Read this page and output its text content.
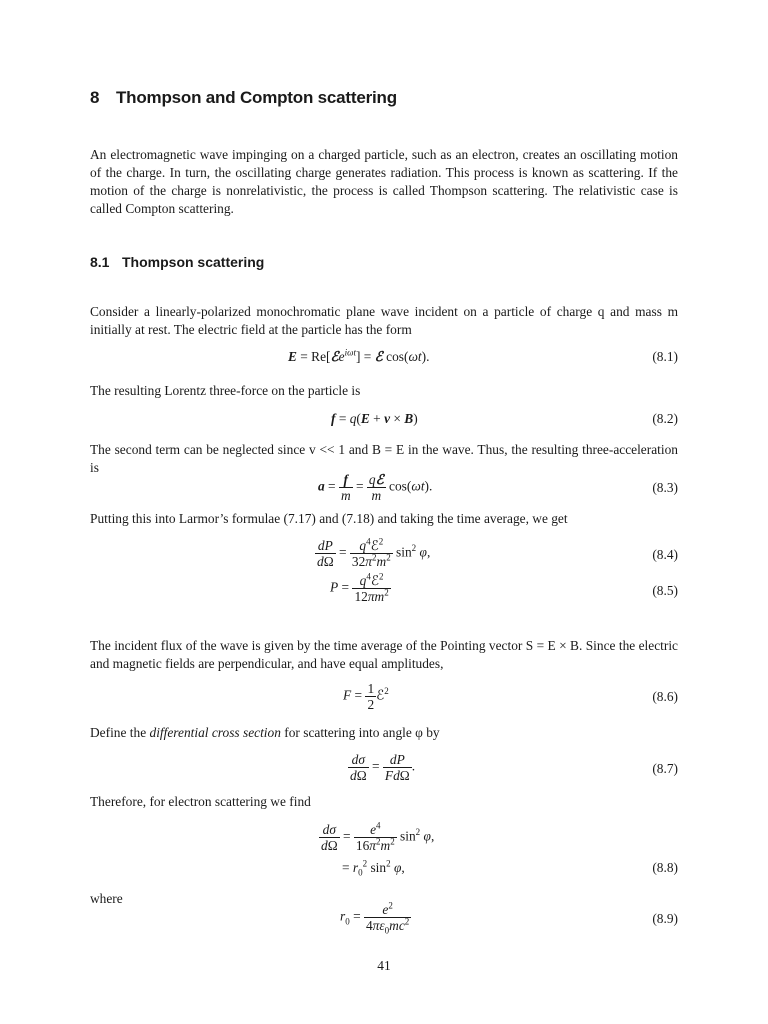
8 Thompson and Compton scattering

An electromagnetic wave impinging on a charged particle, such as an electron, creates an oscillating motion of the charge. In turn, the oscillating charge generates radiation. This process is known as scattering. If the motion of the charge is nonrelativistic, the process is called Thompson scattering. The relativistic case is called Compton scattering.

8.1 Thompson scattering

Consider a linearly-polarized monochromatic plane wave incident on a particle of charge q and mass m initially at rest. The electric field at the particle has the form

E = Re[ℰe$^{i\omega t}$] = ℰ cos(ωt).	(8.1)

The resulting Lorentz three-force on the particle is

f = q(E + v × B)	(8.2)

The second term can be neglected since v << 1 and B = E in the wave. Thus, the resulting three-acceleration is

$a = \frac{f}{m} = \frac{\text{qℰ}}{m} \cos(\omega t)$.	(8.3)

Putting this into Larmor’s formulae (7.17) and (7.18) and taking the time average, we get

$\frac{dP}{d\Omega} = \frac{q^4ℰ^2}{32\pi^2m^2} \sin^2 \varphi$,	(8.4)
$P = \frac{q^4ℰ^2}{12\pi m^2}$	(8.5)

The incident flux of the wave is given by the time average of the Pointing vector S = E × B. Since the electric and magnetic fields are perpendicular, and have equal amplitudes,

$F = \frac{1}{2}$ ℰ$^2$	(8.6)

Define the differential cross section for scattering into angle φ by

$\frac{d\sigma}{d\Omega} = \frac{dP}{\text{FdΩ}}$ .	(8.7)

Therefore, for electron scattering we find

$\frac{d\sigma}{d\Omega} = \frac{e^4}{16\pi^2m^2} \sin^2 \varphi$,
= $r_0^2$ $\sin^2 \varphi$,	(8.8)

where

$r_0 = \frac{e^2}{4\pi\varepsilon_0mc^2}$	(8.9)
41
